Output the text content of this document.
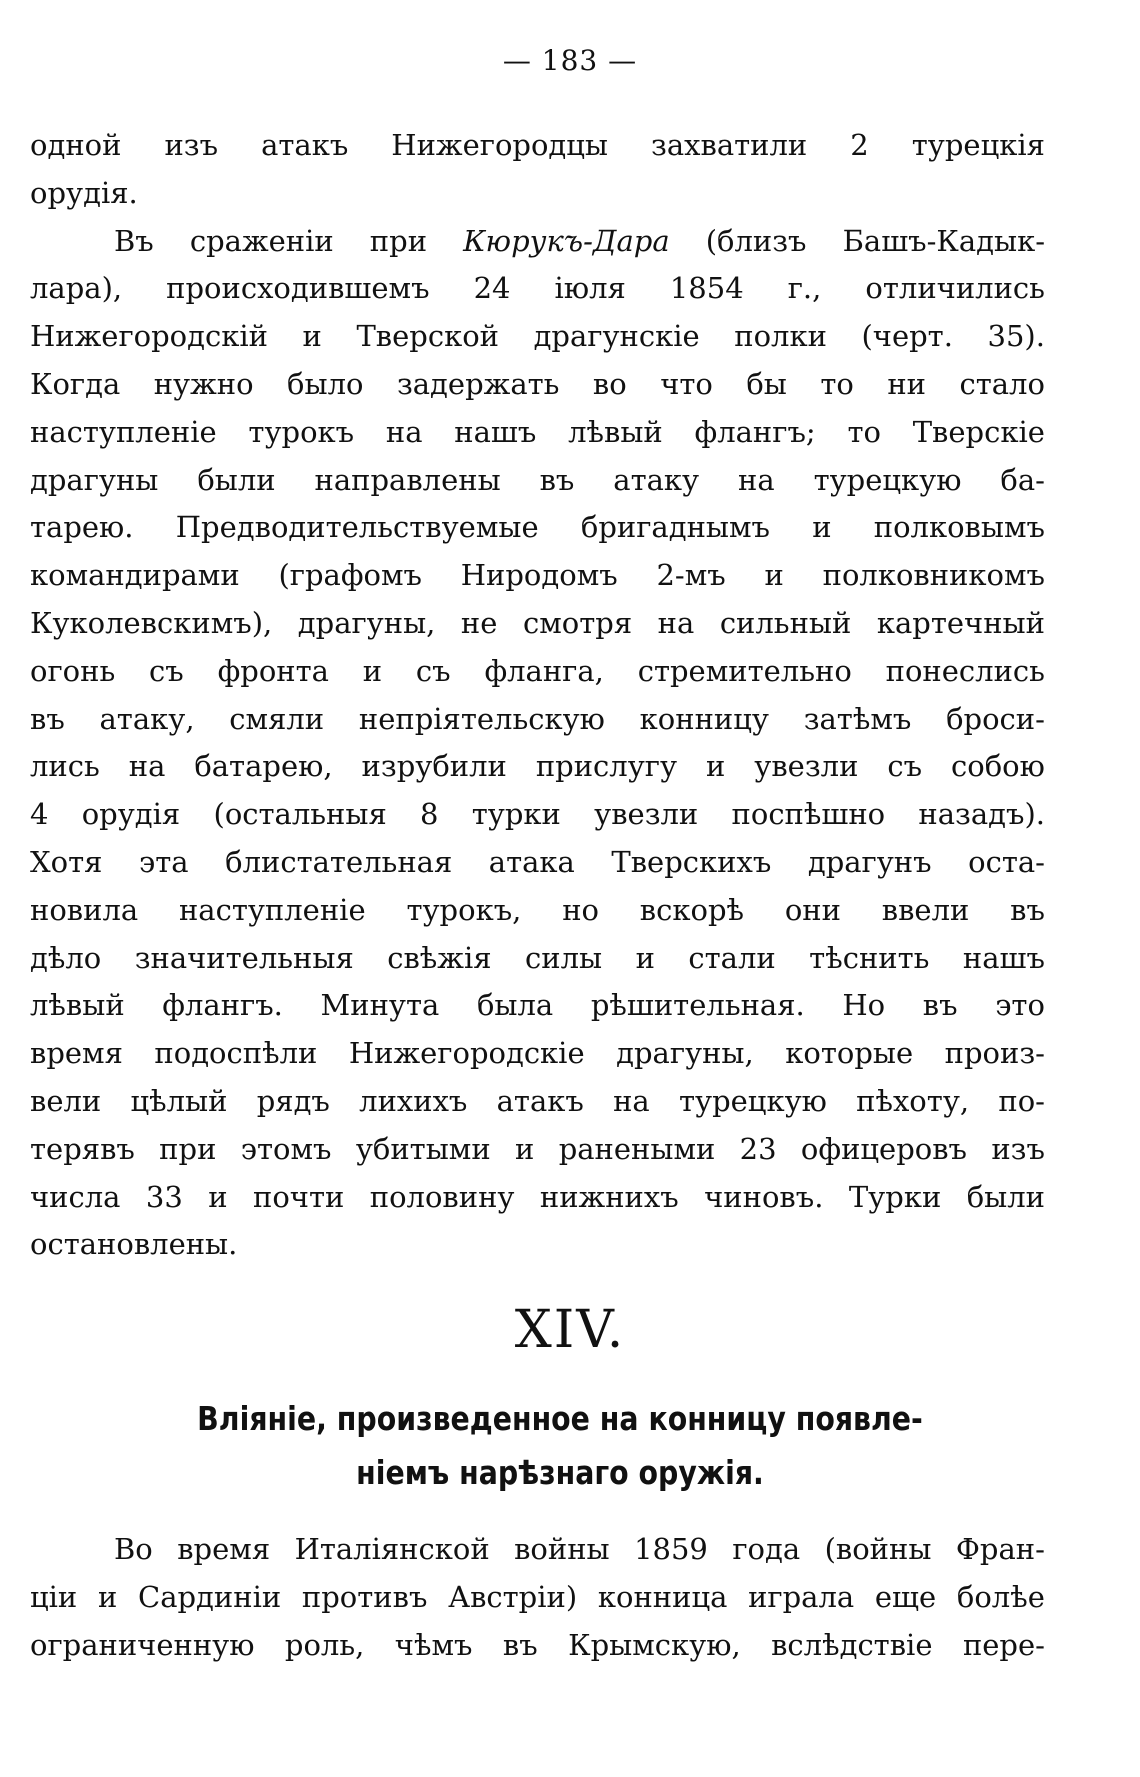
— 183 —
одной изъ атакъ Нижегородцы захватили 2 турецкія
орудія.
Въ сраженіи при Кюрукъ-Дара (близъ Башъ-Кадык-
лара), происходившемъ 24 іюля 1854 г., отличились
Нижегородскій и Тверской драгунскіе полки (черт. 35).
Когда нужно было задержать во что бы то ни стало
наступленіе турокъ на нашъ лѣвый флангъ; то Тверскіе
драгуны были направлены въ атаку на турецкую ба-
тарею. Предводительствуемые бригаднымъ и полковымъ
командирами (графомъ Ниродомъ 2-мъ и полковникомъ
Куколевскимъ), драгуны, не смотря на сильный картечный
огонь съ фронта и съ фланга, стремительно понеслись
въ атаку, смяли непріятельскую конницу затѣмъ броси-
лись на батарею, изрубили прислугу и увезли съ собою
4 орудія (остальныя 8 турки увезли поспѣшно назадъ).
Хотя эта блистательная атака Тверскихъ драгунъ оста-
новила наступленіе турокъ, но вскорѣ они ввели въ
дѣло значительныя свѣжія силы и стали тѣснить нашъ
лѣвый флангъ. Минута была рѣшительная. Но въ это
время подоспѣли Нижегородскіе драгуны, которые произ-
вели цѣлый рядъ лихихъ атакъ на турецкую пѣхоту, по-
терявъ при этомъ убитыми и ранеными 23 офицеровъ изъ
числа 33 и почти половину нижнихъ чиновъ. Турки были
остановлены.
XIV.
Вліяніе, произведенное на конницу появле-
ніемъ нарѣзнаго оружія.
Во время Италіянской войны 1859 года (войны Фран-
ціи и Сардиніи противъ Австріи) конница играла еще болѣе
ограниченную роль, чѣмъ въ Крымскую, вслѣдствіе пере-
